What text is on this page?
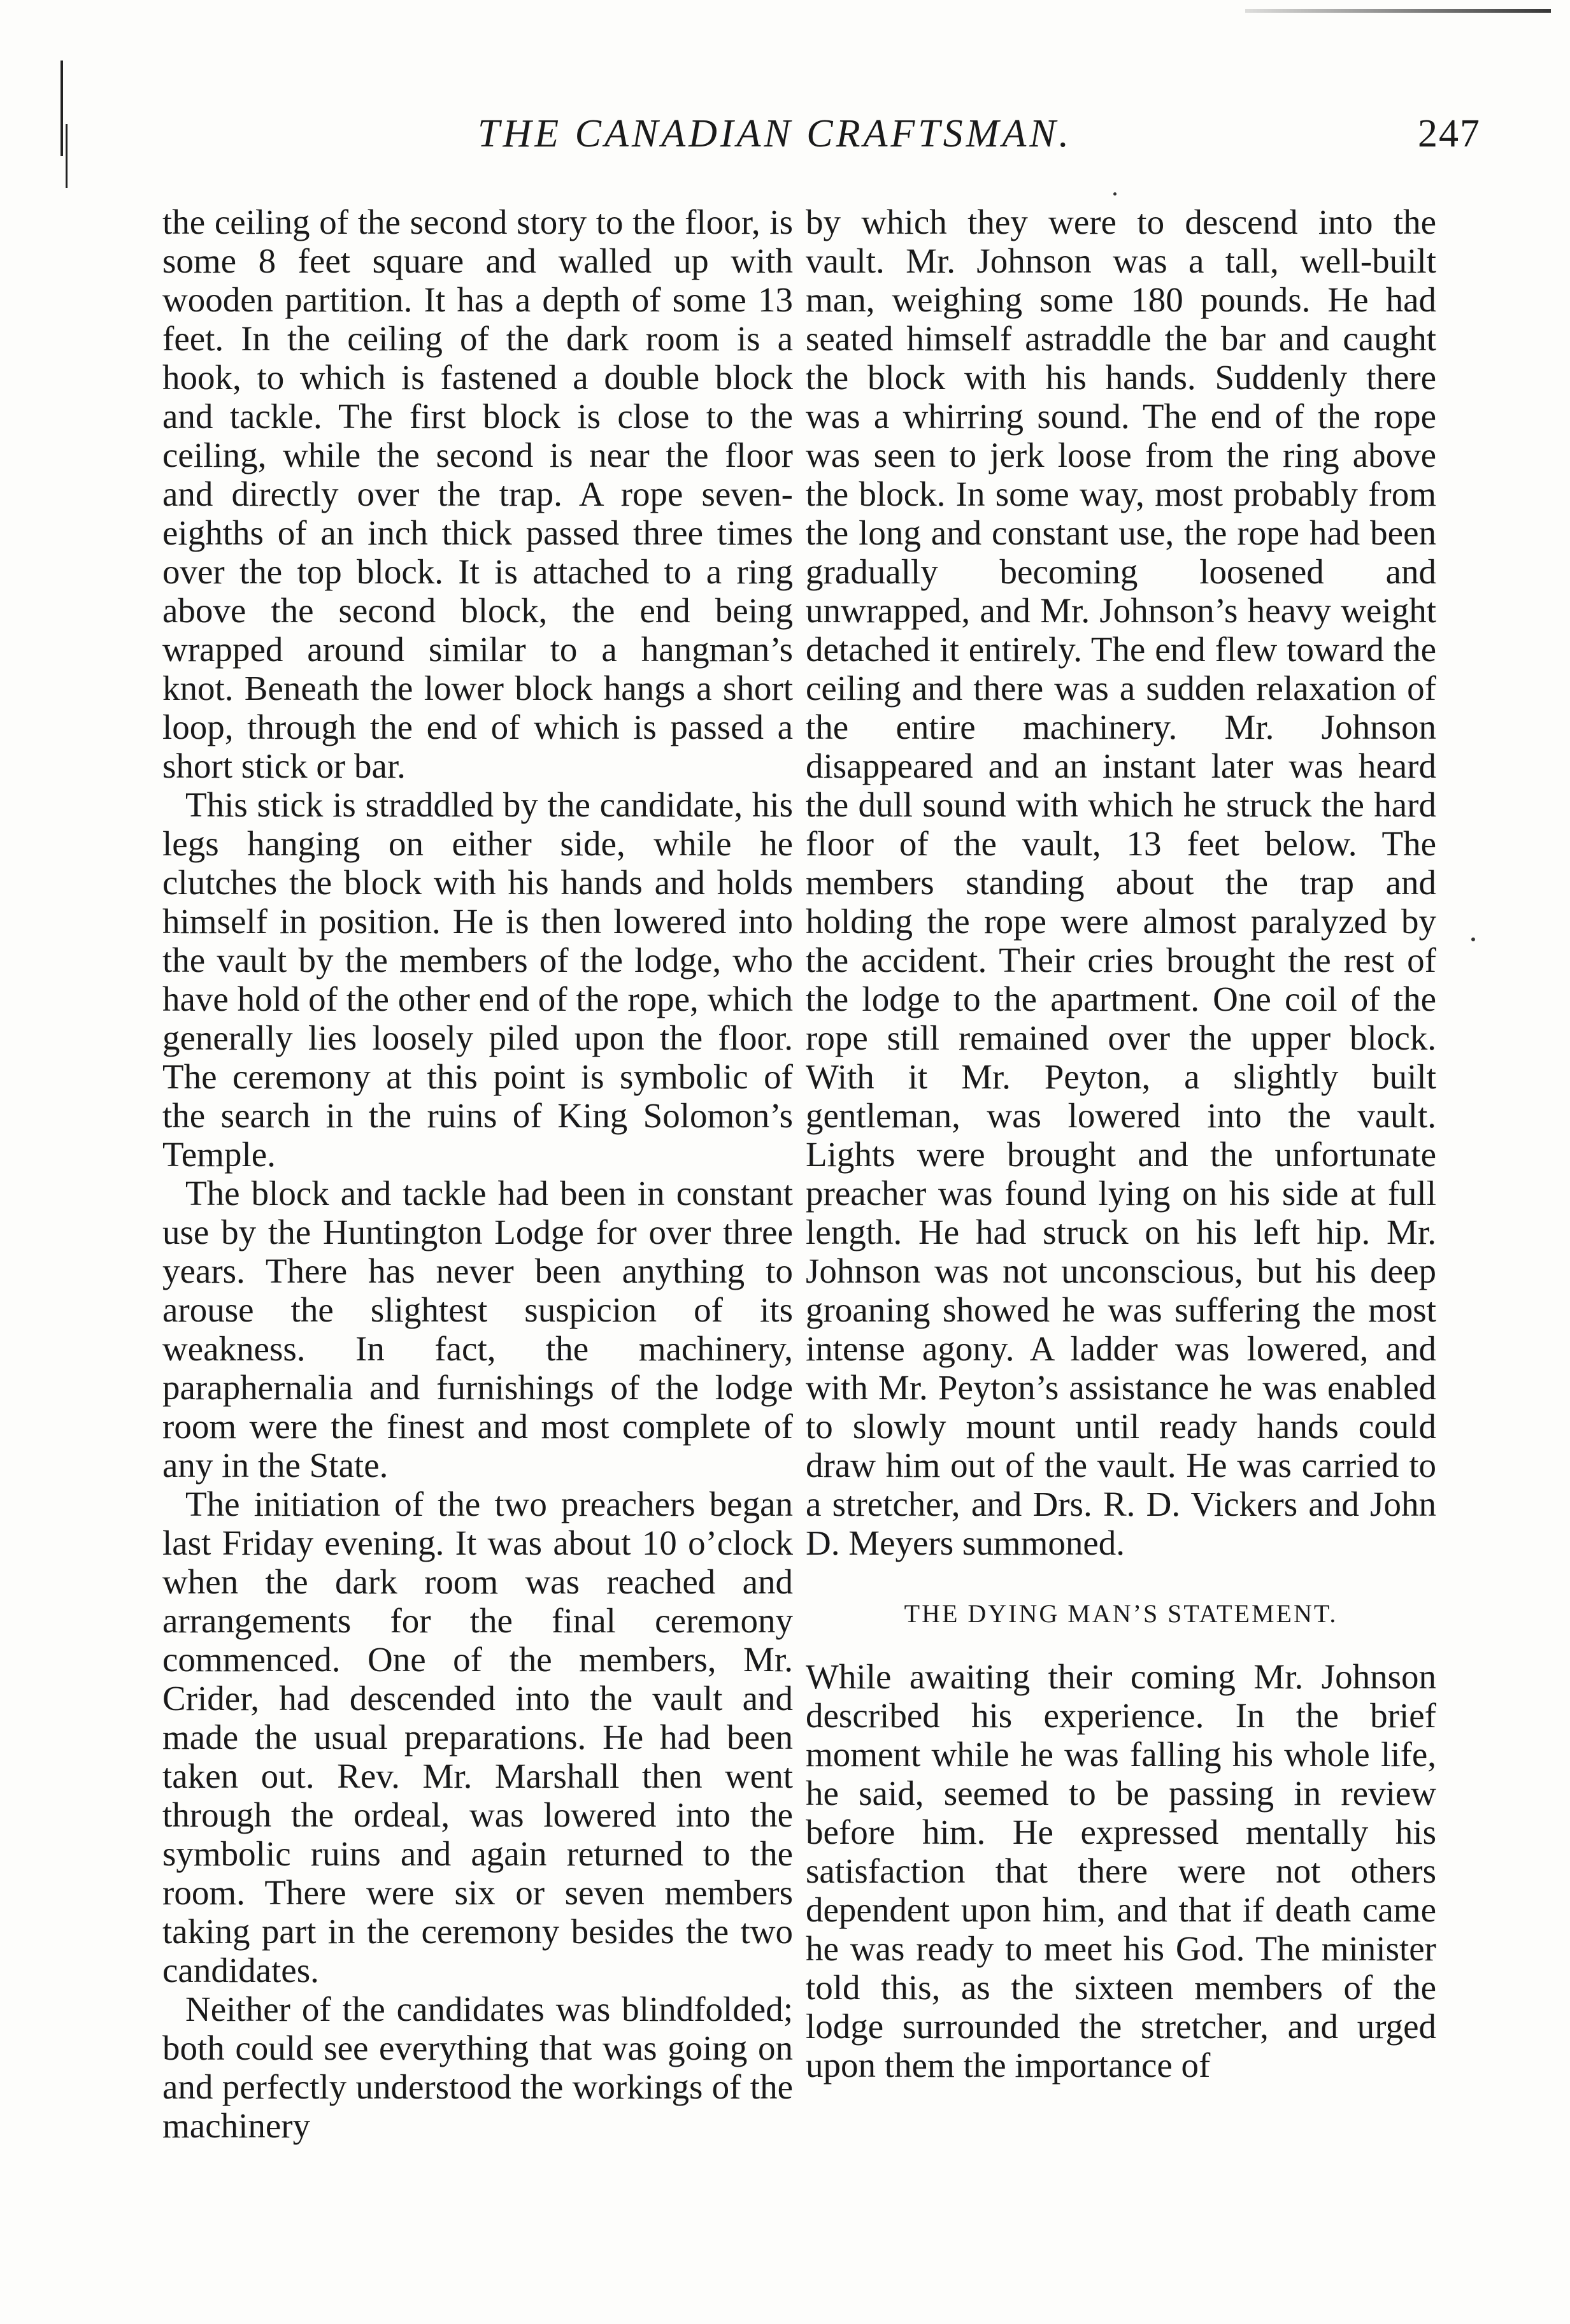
THE CANADIAN CRAFTSMAN.	247

the ceiling of the second story to the floor, is some 8 feet square and walled up with wooden partition. It has a depth of some 13 feet. In the ceiling of the dark room is a hook, to which is fastened a double block and tackle. The first block is close to the ceiling, while the second is near the floor and directly over the trap. A rope seven-eighths of an inch thick passed three times over the top block. It is attached to a ring above the second block, the end being wrapped around similar to a hangman’s knot. Beneath the lower block hangs a short loop, through the end of which is passed a short stick or bar.

This stick is straddled by the candidate, his legs hanging on either side, while he clutches the block with his hands and holds himself in position. He is then lowered into the vault by the members of the lodge, who have hold of the other end of the rope, which generally lies loosely piled upon the floor. The ceremony at this point is symbolic of the search in the ruins of King Solomon’s Temple.

The block and tackle had been in constant use by the Huntington Lodge for over three years. There has never been anything to arouse the slightest suspicion of its weakness. In fact, the machinery, paraphernalia and furnishings of the lodge room were the finest and most complete of any in the State.

The initiation of the two preachers began last Friday evening. It was about 10 o’clock when the dark room was reached and arrangements for the final ceremony commenced. One of the members, Mr. Crider, had descended into the vault and made the usual preparations. He had been taken out. Rev. Mr. Marshall then went through the ordeal, was lowered into the symbolic ruins and again returned to the room. There were six or seven members taking part in the ceremony besides the two candidates.

Neither of the candidates was blindfolded; both could see everything that was going on and perfectly understood the workings of the machinery

by which they were to descend into the vault. Mr. Johnson was a tall, well-built man, weighing some 180 pounds. He had seated himself astraddle the bar and caught the block with his hands. Suddenly there was a whirring sound. The end of the rope was seen to jerk loose from the ring above the block. In some way, most probably from the long and constant use, the rope had been gradually becoming loosened and unwrapped, and Mr. Johnson’s heavy weight detached it entirely. The end flew toward the ceiling and there was a sudden relaxation of the entire machinery. Mr. Johnson disappeared and an instant later was heard the dull sound with which he struck the hard floor of the vault, 13 feet below. The members standing about the trap and holding the rope were almost paralyzed by the accident. Their cries brought the rest of the lodge to the apartment. One coil of the rope still remained over the upper block. With it Mr. Peyton, a slightly built gentleman, was lowered into the vault. Lights were brought and the unfortunate preacher was found lying on his side at full length. He had struck on his left hip. Mr. Johnson was not unconscious, but his deep groaning showed he was suffering the most intense agony. A ladder was lowered, and with Mr. Peyton’s assistance he was enabled to slowly mount until ready hands could draw him out of the vault. He was carried to a stretcher, and Drs. R. D. Vickers and John D. Meyers summoned.

THE DYING MAN’S STATEMENT.

While awaiting their coming Mr. Johnson described his experience. In the brief moment while he was falling his whole life, he said, seemed to be passing in review before him. He expressed mentally his satisfaction that there were not others dependent upon him, and that if death came he was ready to meet his God. The minister told this, as the sixteen members of the lodge surrounded the stretcher, and urged upon them the importance of
